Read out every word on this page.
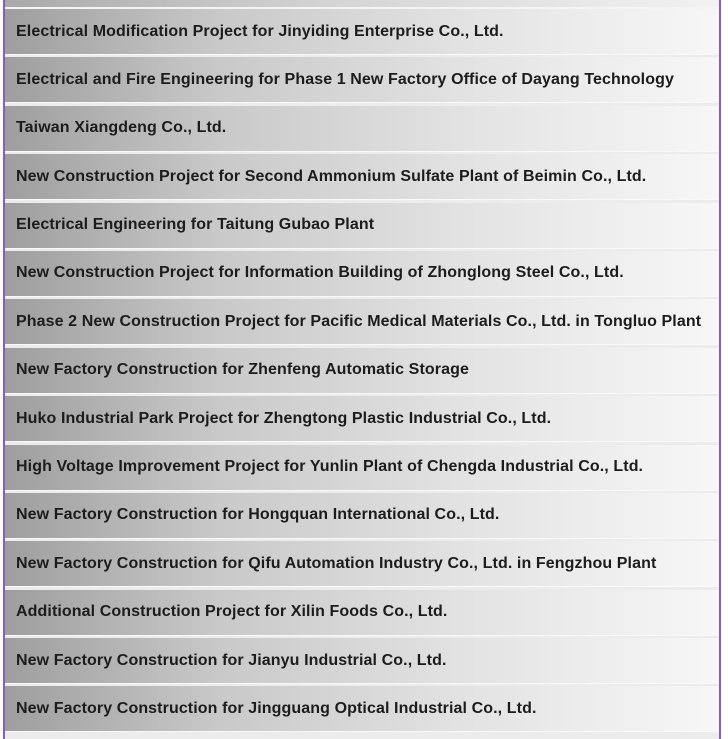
Electrical Modification Project for Jinyiding Enterprise Co., Ltd.
Electrical and Fire Engineering for Phase 1 New Factory Office of Dayang Technology
Taiwan Xiangdeng Co., Ltd.
New Construction Project for Second Ammonium Sulfate Plant of Beimin Co., Ltd.
Electrical Engineering for Taitung Gubao Plant
New Construction Project for Information Building of Zhonglong Steel Co., Ltd.
Phase 2 New Construction Project for Pacific Medical Materials Co., Ltd. in Tongluo Plant
New Factory Construction for Zhenfeng Automatic Storage
Huko Industrial Park Project for Zhengtong Plastic Industrial Co., Ltd.
High Voltage Improvement Project for Yunlin Plant of Chengda Industrial Co., Ltd.
New Factory Construction for Hongquan International Co., Ltd.
New Factory Construction for Qifu Automation Industry Co., Ltd. in Fengzhou Plant
Additional Construction Project for Xilin Foods Co., Ltd.
New Factory Construction for Jianyu Industrial Co., Ltd.
New Factory Construction for Jingguang Optical Industrial Co., Ltd.
